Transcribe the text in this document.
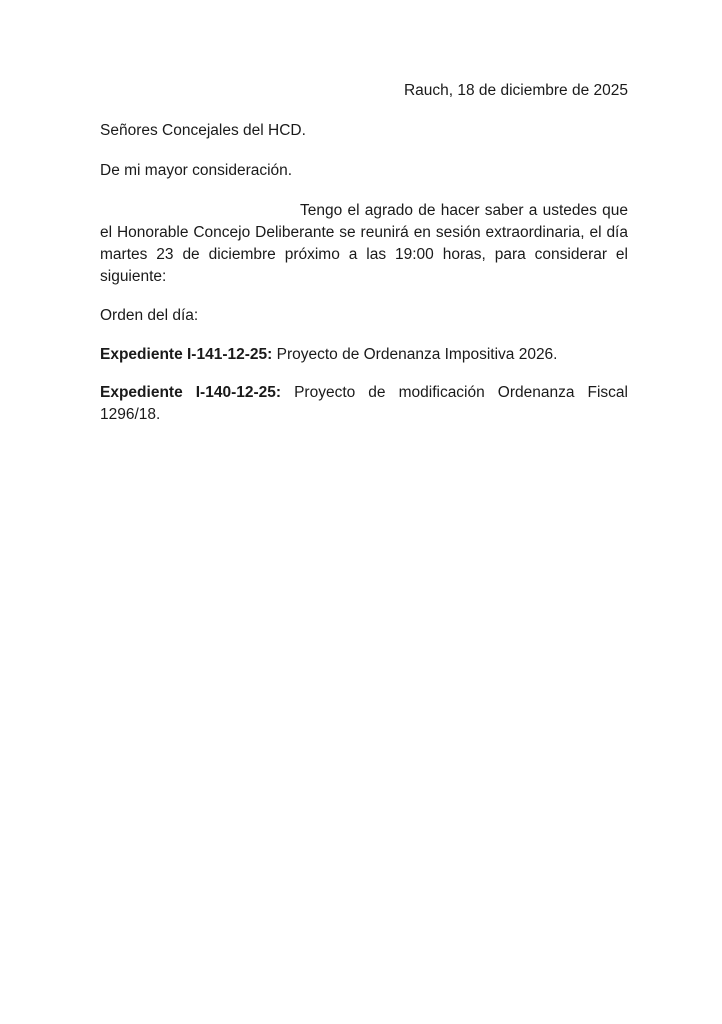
Rauch, 18 de diciembre de 2025

Señores Concejales del HCD.

De mi mayor consideración.

Tengo el agrado de hacer saber a ustedes que el Honorable Concejo Deliberante se reunirá en sesión extraordinaria, el día martes 23 de diciembre próximo a las 19:00 horas, para considerar el siguiente:

Orden del día:

Expediente I-141-12-25: Proyecto de Ordenanza Impositiva 2026.

Expediente I-140-12-25: Proyecto de modificación Ordenanza Fiscal 1296/18.
